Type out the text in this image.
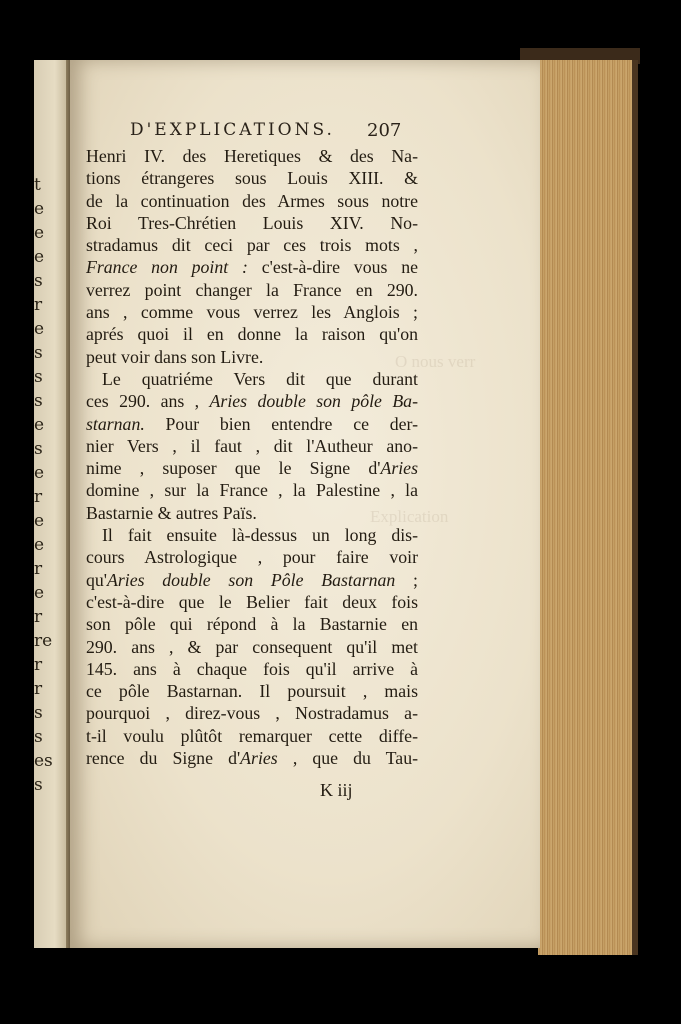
t
e
e
e
s
r
e
s
s
s
e
s
e
r
e
e
r
e
r
re
r
r
s
s
es
s
O nous verr
Explication
D'EXPLICATIONS. 207
Henri IV. des Heretiques & des Na-
tions étrangeres sous Louis XIII. &
de la continuation des Armes sous notre
Roi Tres-Chrétien Louis XIV. No-
stradamus dit ceci par ces trois mots ,
France non point : c'est-à-dire vous ne
verrez point changer la France en 290.
ans , comme vous verrez les Anglois ;
aprés quoi il en donne la raison qu'on
peut voir dans son Livre.
Le quatriéme Vers dit que durant
ces 290. ans , Aries double son pôle Ba-
starnan. Pour bien entendre ce der-
nier Vers , il faut , dit l'Autheur ano-
nime , suposer que le Signe d'Aries
domine , sur la France , la Palestine , la
Bastarnie & autres Païs.
Il fait ensuite là-dessus un long dis-
cours Astrologique , pour faire voir
qu'Aries double son Pôle Bastarnan ;
c'est-à-dire que le Belier fait deux fois
son pôle qui répond à la Bastarnie en
290. ans , & par consequent qu'il met
145. ans à chaque fois qu'il arrive à
ce pôle Bastarnan. Il poursuit , mais
pourquoi , direz-vous , Nostradamus a-
t-il voulu plûtôt remarquer cette diffe-
rence du Signe d'Aries , que du Tau-
K iij
